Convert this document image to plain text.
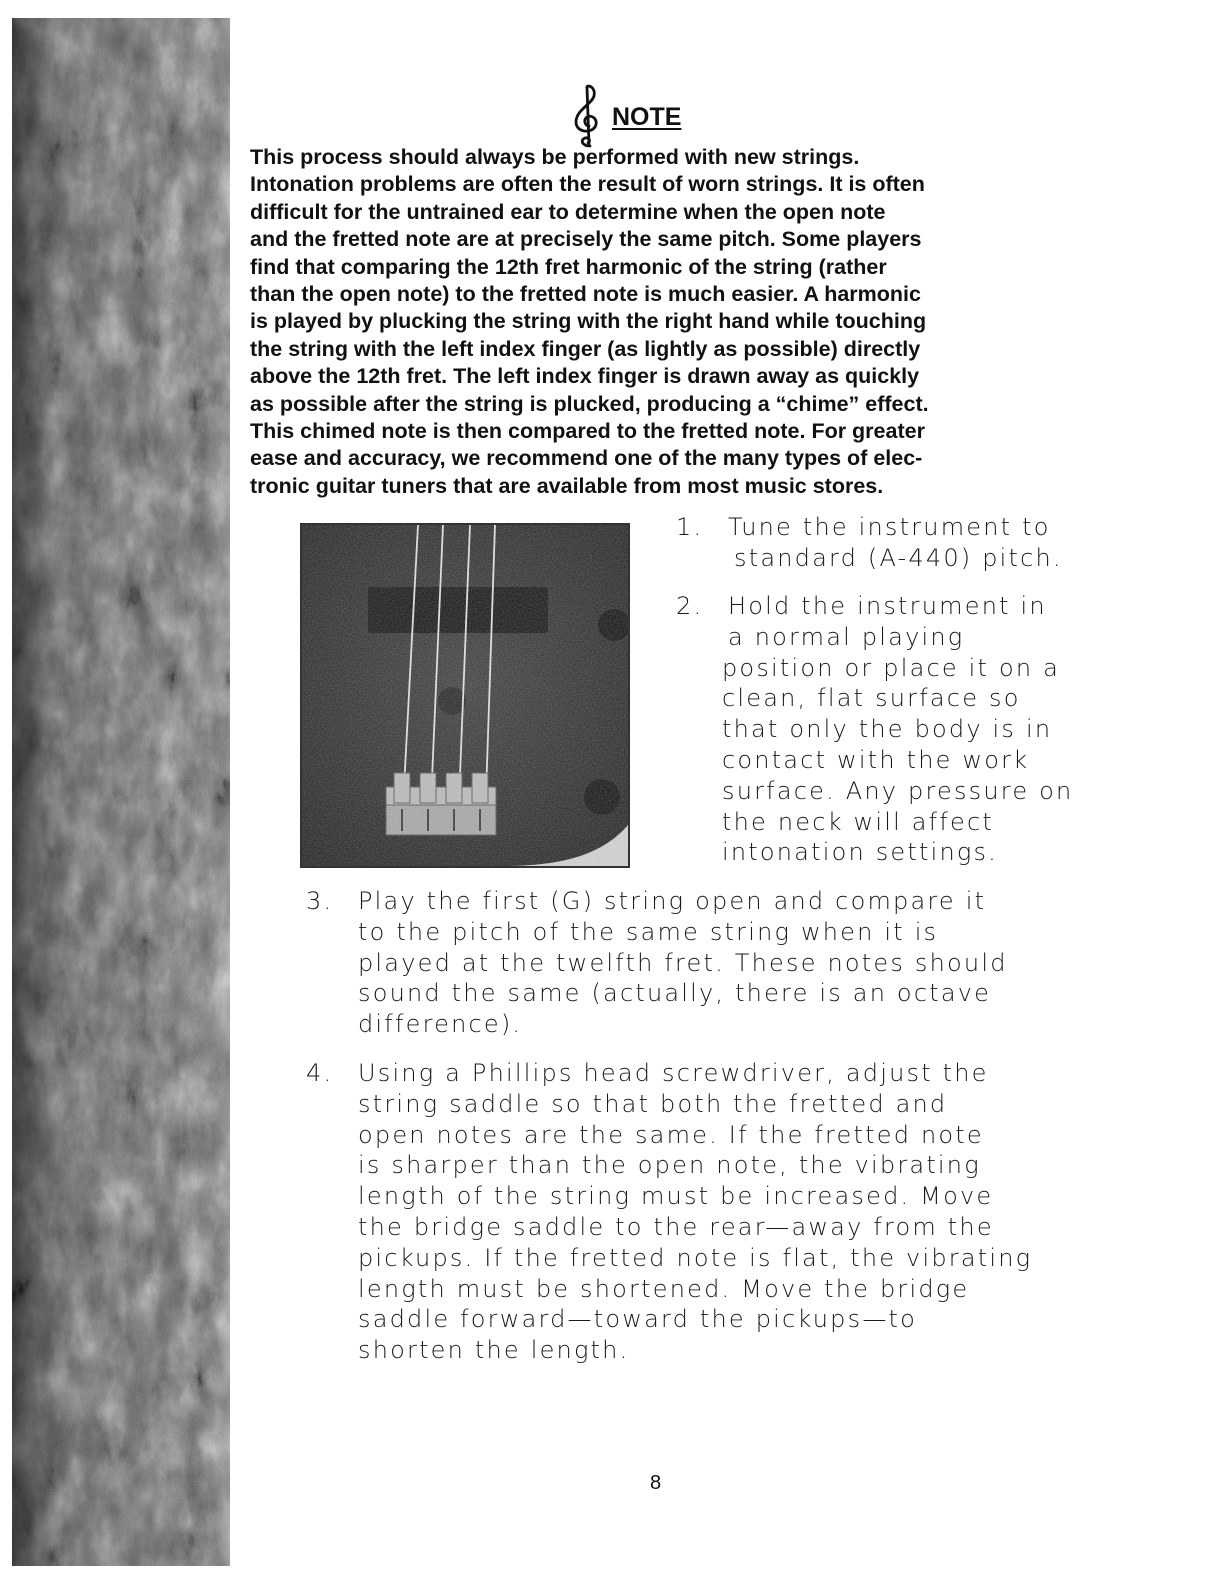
NOTE
This process should always be performed with new strings.
Intonation problems are often the result of worn strings. It is often
difficult for the untrained ear to determine when the open note
and the fretted note are at precisely the same pitch. Some players
find that comparing the 12th fret harmonic of the string (rather
than the open note) to the fretted note is much easier. A harmonic
is played by plucking the string with the right hand while touching
the string with the left index finger (as lightly as possible) directly
above the 12th fret. The left index finger is drawn away as quickly
as possible after the string is plucked, producing a “chime” effect.
This chimed note is then compared to the fretted note. For greater
ease and accuracy, we recommend one of the many types of elec-
tronic guitar tuners that are available from most music stores.
1. Tune the instrument to
standard (A-440) pitch.
2. Hold the instrument in
a normal playing
position or place it on a
clean, flat surface so
that only the body is in
contact with the work
surface. Any pressure on
the neck will affect
intonation settings.
3. Play the first (G) string open and compare it
to the pitch of the same string when it is
played at the twelfth fret. These notes should
sound the same (actually, there is an octave
difference).
4. Using a Phillips head screwdriver, adjust the
string saddle so that both the fretted and
open notes are the same. If the fretted note
is sharper than the open note, the vibrating
length of the string must be increased. Move
the bridge saddle to the rear—away from the
pickups. If the fretted note is flat, the vibrating
length must be shortened. Move the bridge
saddle forward—toward the pickups—to
shorten the length.
8
